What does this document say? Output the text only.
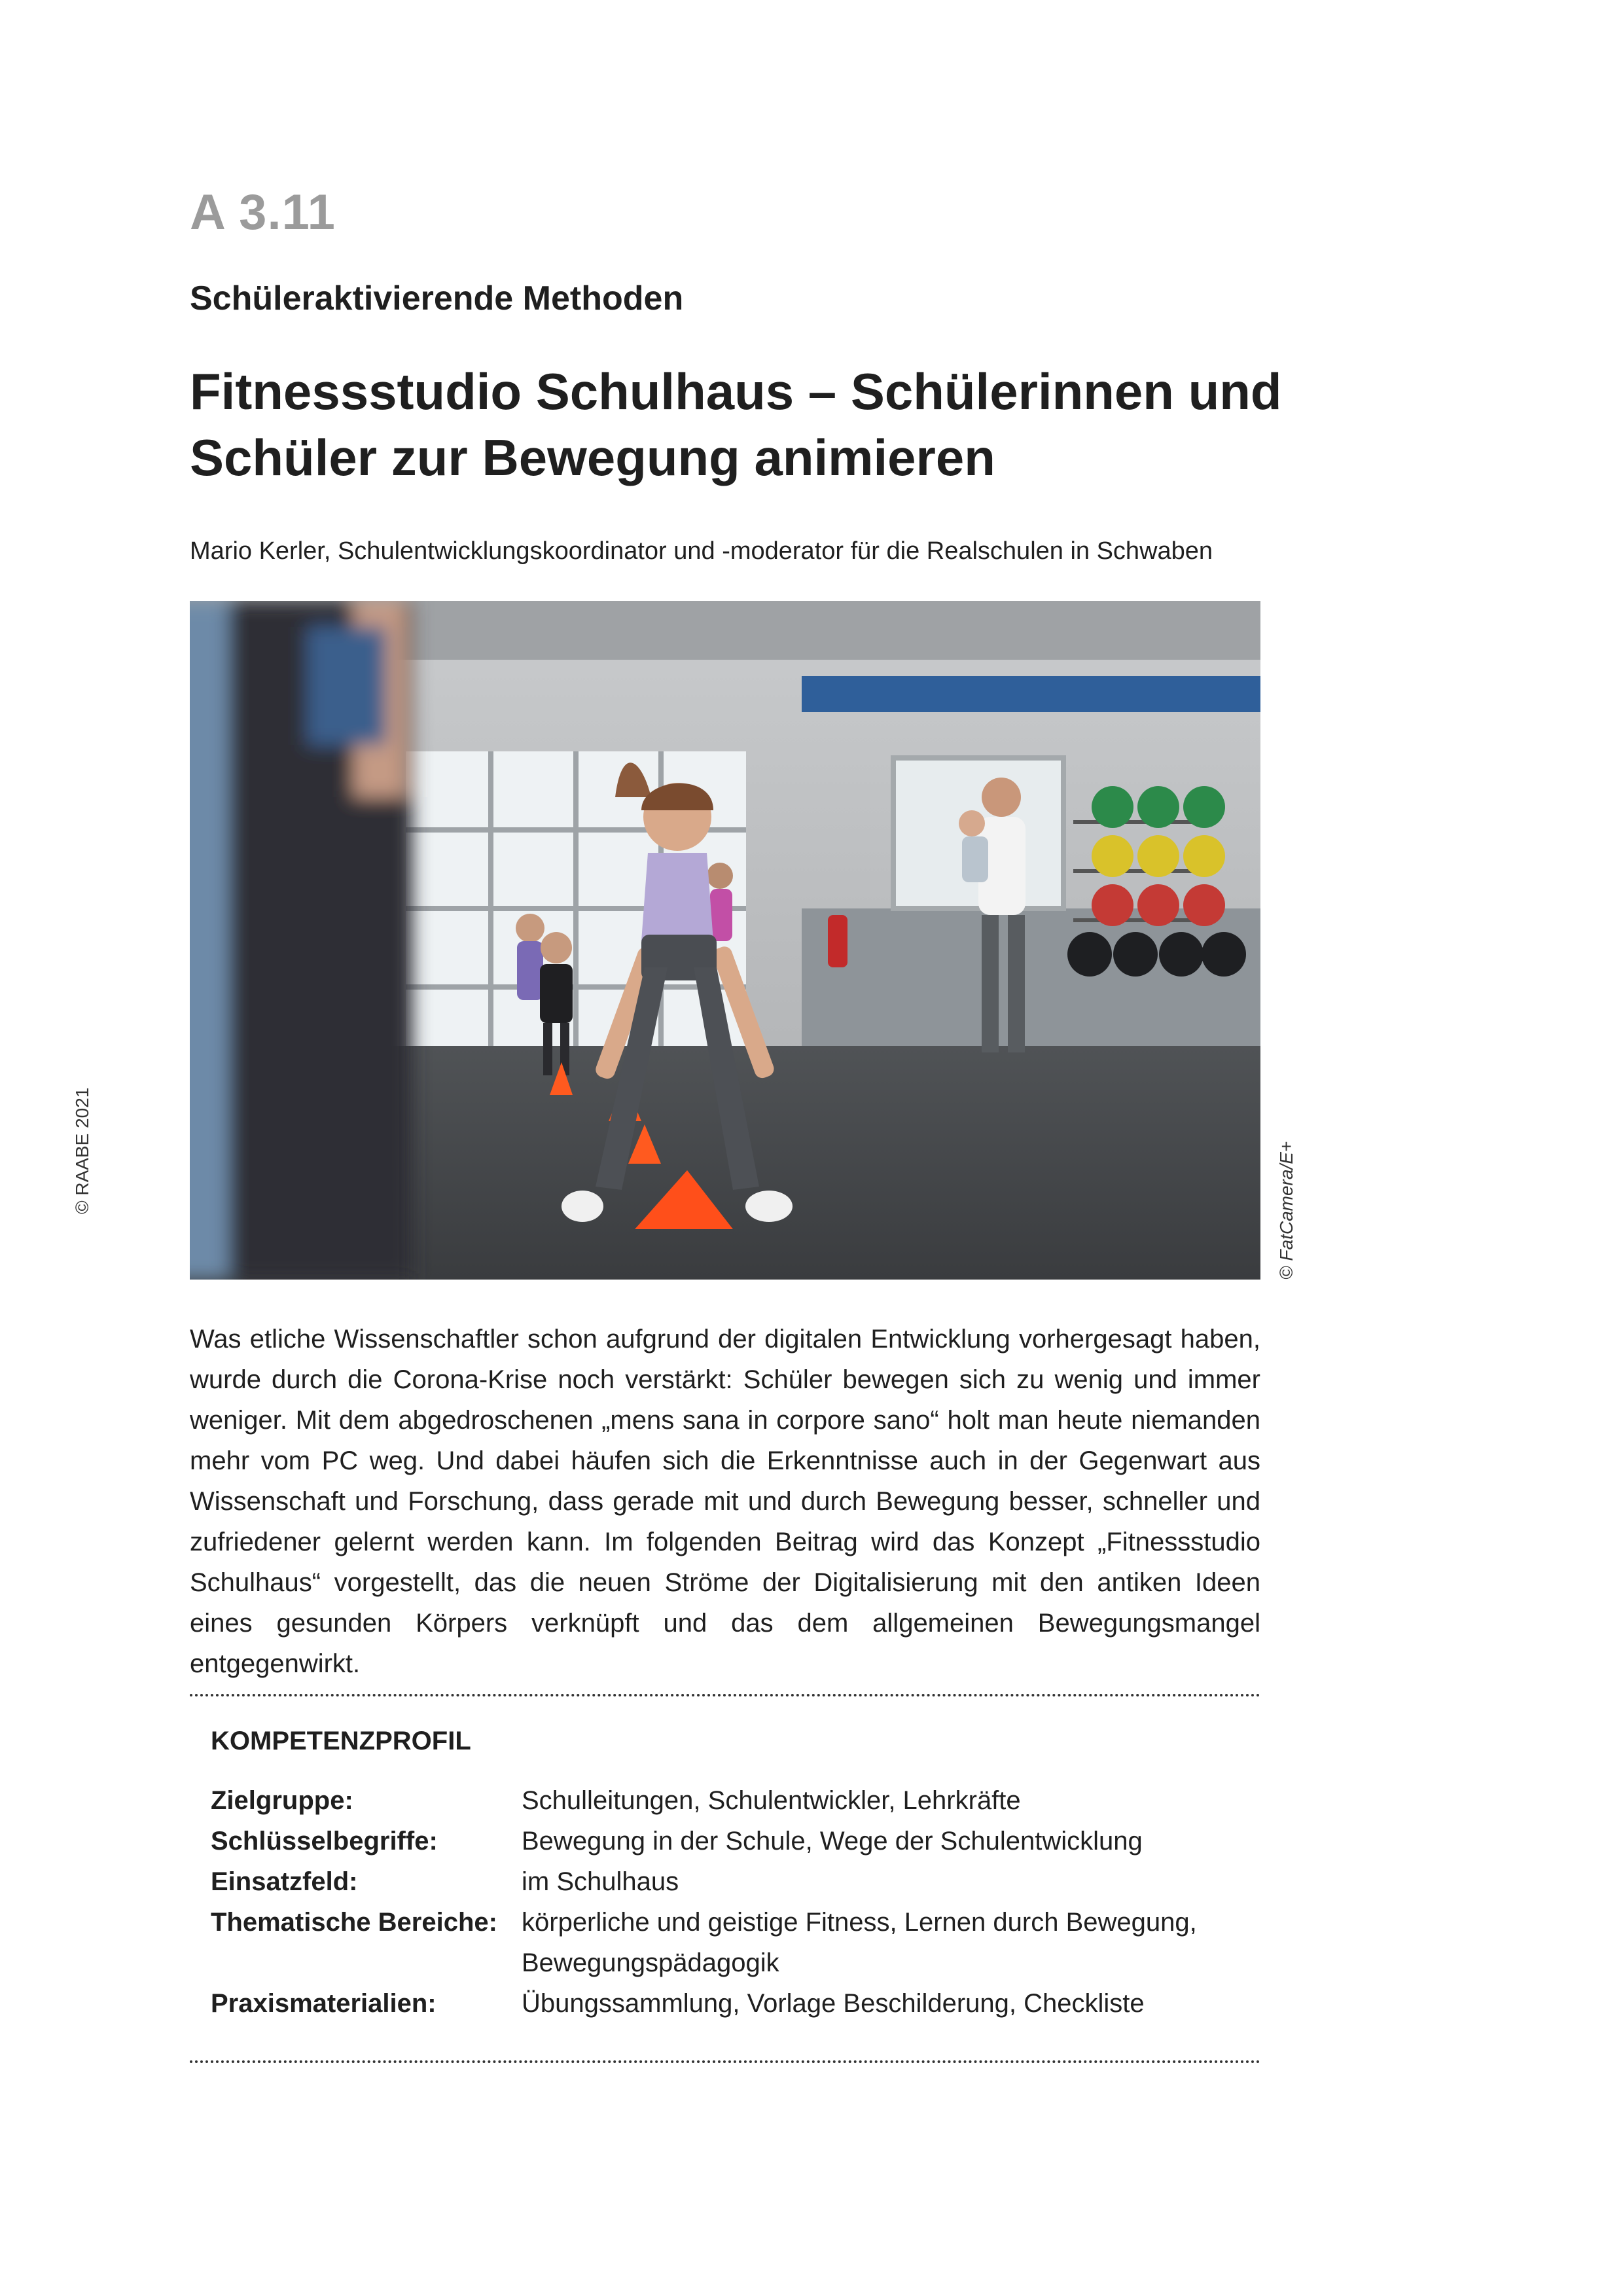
A 3.11
Schüleraktivierende Methoden
Fitnessstudio Schulhaus – Schülerinnen und
Schüler zur Bewegung animieren

Mario Kerler, Schulentwicklungskoordinator und -moderator für die Realschulen in Schwaben

© FatCamera/E+
© RAABE 2021

Was etliche Wissenschaftler schon aufgrund der digitalen Entwicklung vorhergesagt haben, wurde durch die Corona-Krise noch verstärkt: Schüler bewegen sich zu wenig und immer weniger. Mit dem abgedroschenen „mens sana in corpore sano“ holt man heute niemanden mehr vom PC weg. Und dabei häufen sich die Erkenntnisse auch in der Gegenwart aus Wissenschaft und Forschung, dass gerade mit und durch Bewegung besser, schneller und zufriedener gelernt werden kann. Im folgenden Beitrag wird das Konzept „Fitnessstudio Schulhaus“ vorgestellt, das die neuen Ströme der Digitalisierung mit den antiken Ideen eines gesunden Körpers verknüpft und das dem allgemeinen Bewegungsmangel entgegenwirkt.

KOMPETENZPROFIL
Zielgruppe:	Schulleitungen, Schulentwickler, Lehrkräfte
Schlüsselbegriffe:	Bewegung in der Schule, Wege der Schulentwicklung
Einsatzfeld:	im Schulhaus
Thematische Bereiche: körperliche und geistige Fitness, Lernen durch Bewegung,
Bewegungspädagogik
Praxismaterialien:	Übungssammlung, Vorlage Beschilderung, Checkliste
